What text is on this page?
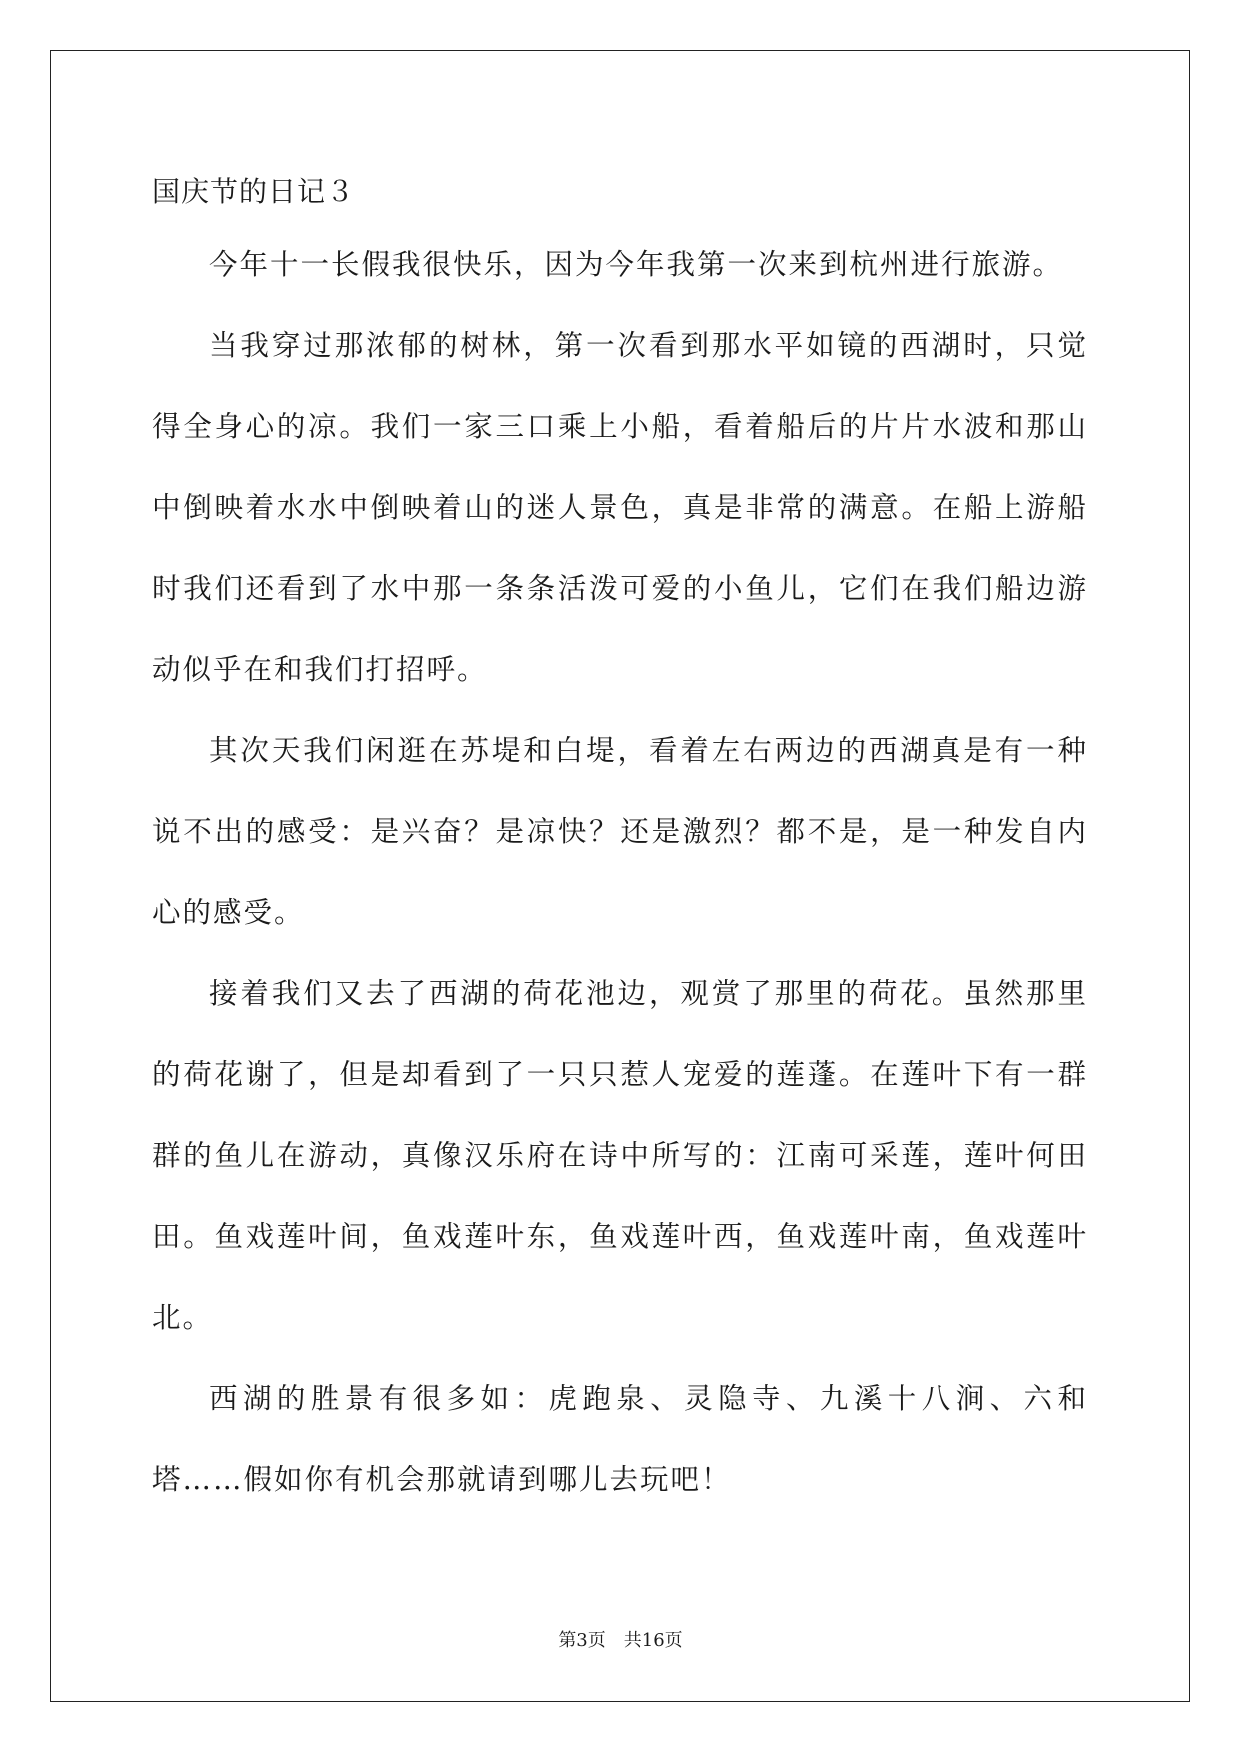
国庆节的日记３

今年十一长假我很快乐，因为今年我第一次来到杭州进行旅游。

当我穿过那浓郁的树林，第一次看到那水平如镜的西湖时，只觉得全身心的凉。我们一家三口乘上小船，看着船后的片片水波和那山中倒映着水水中倒映着山的迷人景色，真是非常的满意。在船上游船时我们还看到了水中那一条条活泼可爱的小鱼儿，它们在我们船边游动似乎在和我们打招呼。

其次天我们闲逛在苏堤和白堤，看着左右两边的西湖真是有一种说不出的感受：是兴奋？是凉快？还是激烈？都不是，是一种发自内心的感受。

接着我们又去了西湖的荷花池边，观赏了那里的荷花。虽然那里的荷花谢了，但是却看到了一只只惹人宠爱的莲蓬。在莲叶下有一群群的鱼儿在游动，真像汉乐府在诗中所写的：江南可采莲，莲叶何田田。鱼戏莲叶间，鱼戏莲叶东，鱼戏莲叶西，鱼戏莲叶南，鱼戏莲叶北。

西湖的胜景有很多如：虎跑泉、灵隐寺、九溪十八涧、六和塔……假如你有机会那就请到哪儿去玩吧！

第3页　共16页
